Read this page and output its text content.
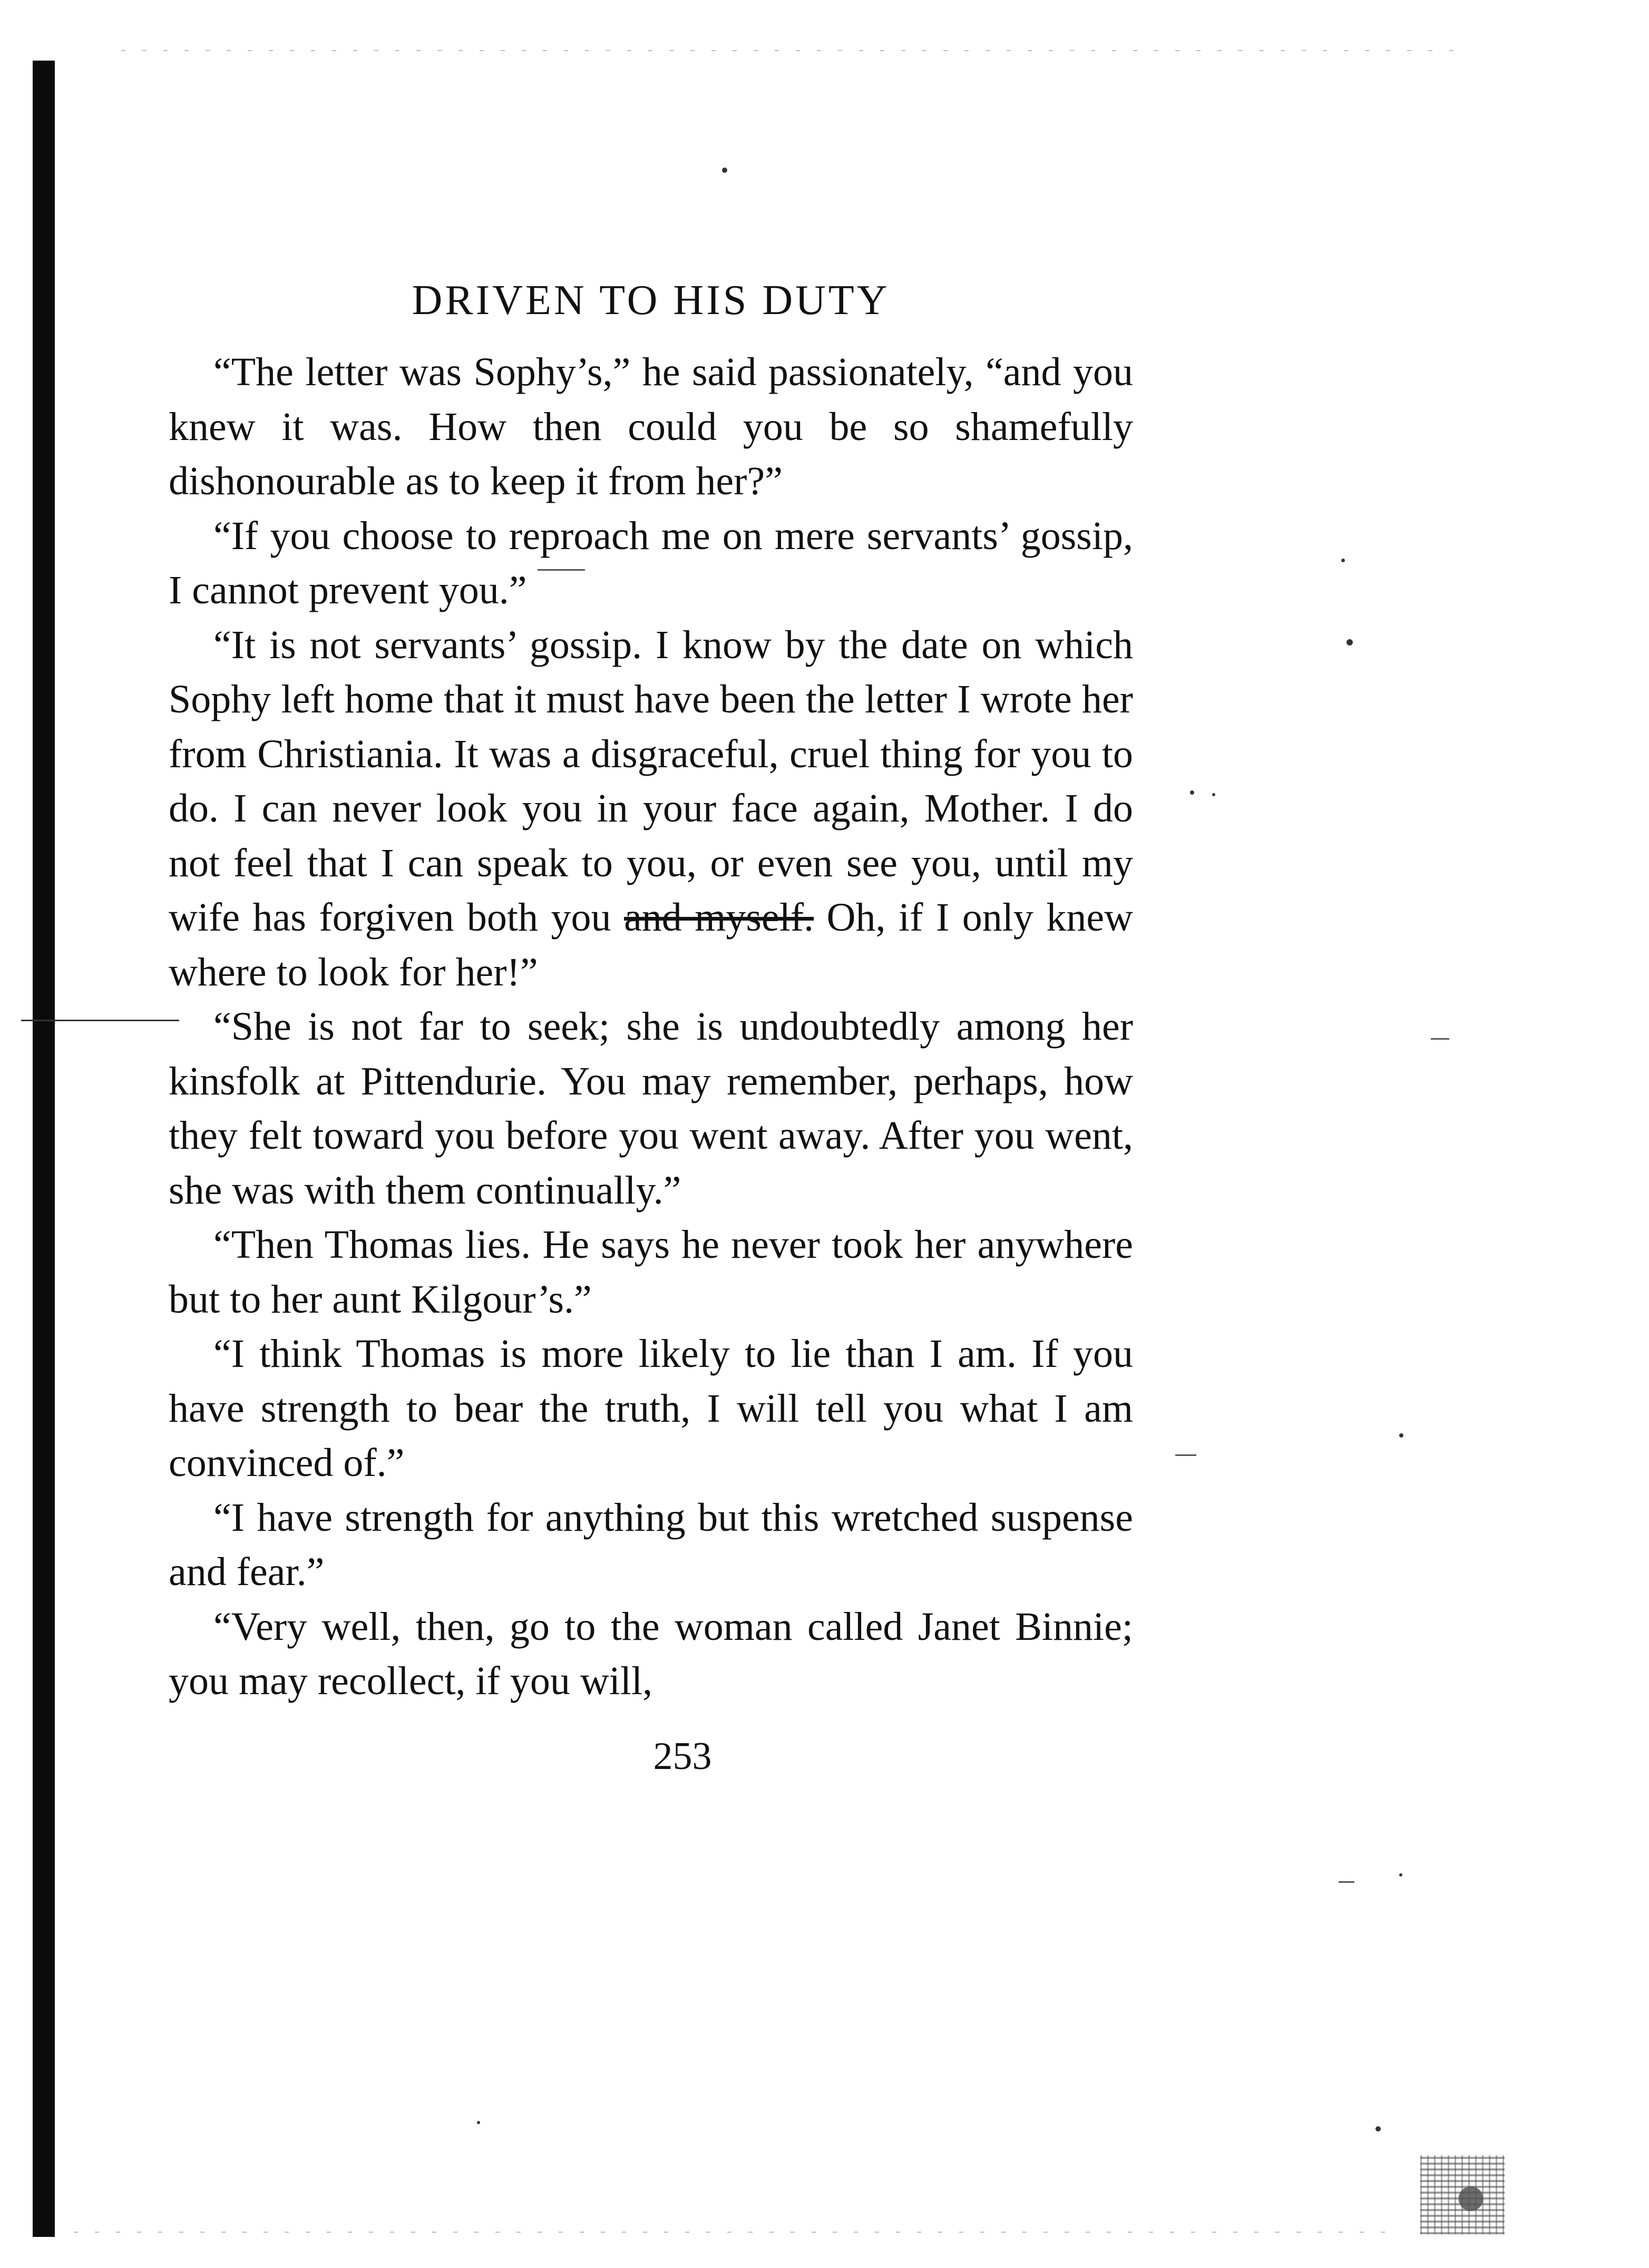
DRIVEN TO HIS DUTY

“The letter was Sophy’s,” he said passionately, “and you knew it was. How then could you be so shamefully dishonourable as to keep it from her?”

“If you choose to reproach me on mere servants’ gossip, I cannot prevent you.”

“It is not servants’ gossip. I know by the date on which Sophy left home that it must have been the letter I wrote her from Christiania. It was a disgraceful, cruel thing for you to do. I can never look you in your face again, Mother. I do not feel that I can speak to you, or even see you, until my wife has forgiven both you and myself. Oh, if I only knew where to look for her!”

“She is not far to seek; she is undoubtedly among her kinsfolk at Pittendurie. You may remember, perhaps, how they felt toward you before you went away. After you went, she was with them continually.”

“Then Thomas lies. He says he never took her anywhere but to her aunt Kilgour’s.”

“I think Thomas is more likely to lie than I am. If you have strength to bear the truth, I will tell you what I am convinced of.”

“I have strength for anything but this wretched suspense and fear.”

“Very well, then, go to the woman called Janet Binnie; you may recollect, if you will,

253
